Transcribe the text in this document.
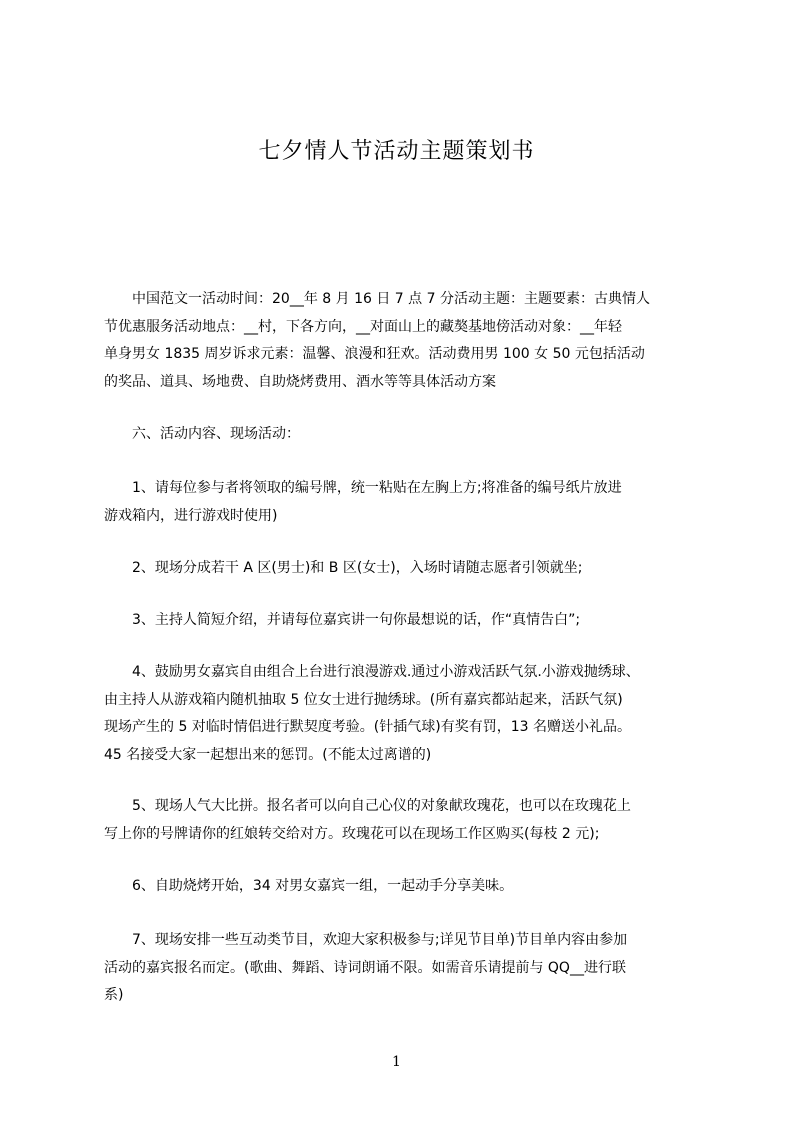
七夕情人节活动主题策划书
　　中国范文一活动时间：20__年 8 月 16 日 7 点 7 分活动主题：主题要素：古典情人
节优惠服务活动地点：__村，下各方向，__对面山上的藏獒基地傍活动对象：__年轻
单身男女 1835 周岁诉求元素：温馨、浪漫和狂欢。活动费用男 100 女 50 元包括活动
的奖品、道具、场地费、自助烧烤费用、酒水等等具体活动方案
　　六、活动内容、现场活动：
　　1、请每位参与者将领取的编号牌，统一粘贴在左胸上方;将准备的编号纸片放进
游戏箱内，进行游戏时使用)
　　2、现场分成若干 A 区(男士)和 B 区(女士)，入场时请随志愿者引领就坐;
　　3、主持人简短介绍，并请每位嘉宾讲一句你最想说的话，作“真情告白”;
　　4、鼓励男女嘉宾自由组合上台进行浪漫游戏.通过小游戏活跃气氛.小游戏抛绣球、
由主持人从游戏箱内随机抽取 5 位女士进行抛绣球。(所有嘉宾都站起来，活跃气氛)
现场产生的 5 对临时情侣进行默契度考验。(针插气球)有奖有罚，13 名赠送小礼品。
45 名接受大家一起想出来的惩罚。(不能太过离谱的)
　　5、现场人气大比拼。报名者可以向自己心仪的对象献玫瑰花，也可以在玫瑰花上
写上你的号牌请你的红娘转交给对方。玫瑰花可以在现场工作区购买(每枝 2 元);
　　6、自助烧烤开始，34 对男女嘉宾一组，一起动手分享美味。
　　7、现场安排一些互动类节目，欢迎大家积极参与;详见节目单)节目单内容由参加
活动的嘉宾报名而定。(歌曲、舞蹈、诗词朗诵不限。如需音乐请提前与 QQ__进行联
系)
1
